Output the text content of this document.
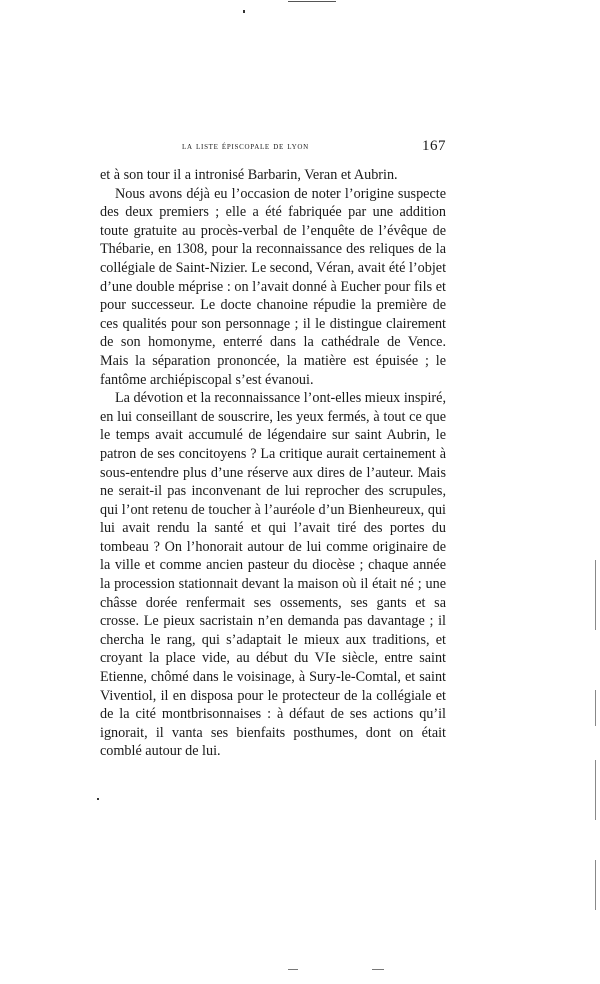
la liste épiscopale de lyon	167

et à son tour il a intronisé Barbarin, Veran et Aubrin.

Nous avons déjà eu l’occasion de noter l’origine suspecte des deux premiers ; elle a été fabriquée par une addition toute gratuite au procès-verbal de l’enquête de l’évêque de Thébarie, en 1308, pour la reconnaissance des reliques de la collégiale de Saint-Nizier. Le second, Véran, avait été l’objet d’une double méprise : on l’avait donné à Eucher pour fils et pour successeur. Le docte chanoine répudie la première de ces qualités pour son personnage ; il le distingue clairement de son homonyme, enterré dans la cathédrale de Vence. Mais la séparation prononcée, la matière est épuisée ; le fantôme archiépiscopal s’est évanoui.

La dévotion et la reconnaissance l’ont-elles mieux inspiré, en lui conseillant de souscrire, les yeux fermés, à tout ce que le temps avait accumulé de légendaire sur saint Aubrin, le patron de ses concitoyens ? La critique aurait certainement à sous-entendre plus d’une réserve aux dires de l’auteur. Mais ne serait-il pas inconvenant de lui reprocher des scrupules, qui l’ont retenu de toucher à l’auréole d’un Bienheureux, qui lui avait rendu la santé et qui l’avait tiré des portes du tombeau ? On l’honorait autour de lui comme originaire de la ville et comme ancien pasteur du diocèse ; chaque année la procession stationnait devant la maison où il était né ; une châsse dorée renfermait ses ossements, ses gants et sa crosse. Le pieux sacristain n’en demanda pas davantage ; il chercha le rang, qui s’adaptait le mieux aux traditions, et croyant la place vide, au début du VIe siècle, entre saint Etienne, chômé dans le voisinage, à Sury-le-Comtal, et saint Viventiol, il en disposa pour le protecteur de la collégiale et de la cité montbrisonnaises : à défaut de ses actions qu’il ignorait, il vanta ses bienfaits posthumes, dont on était comblé autour de lui.
